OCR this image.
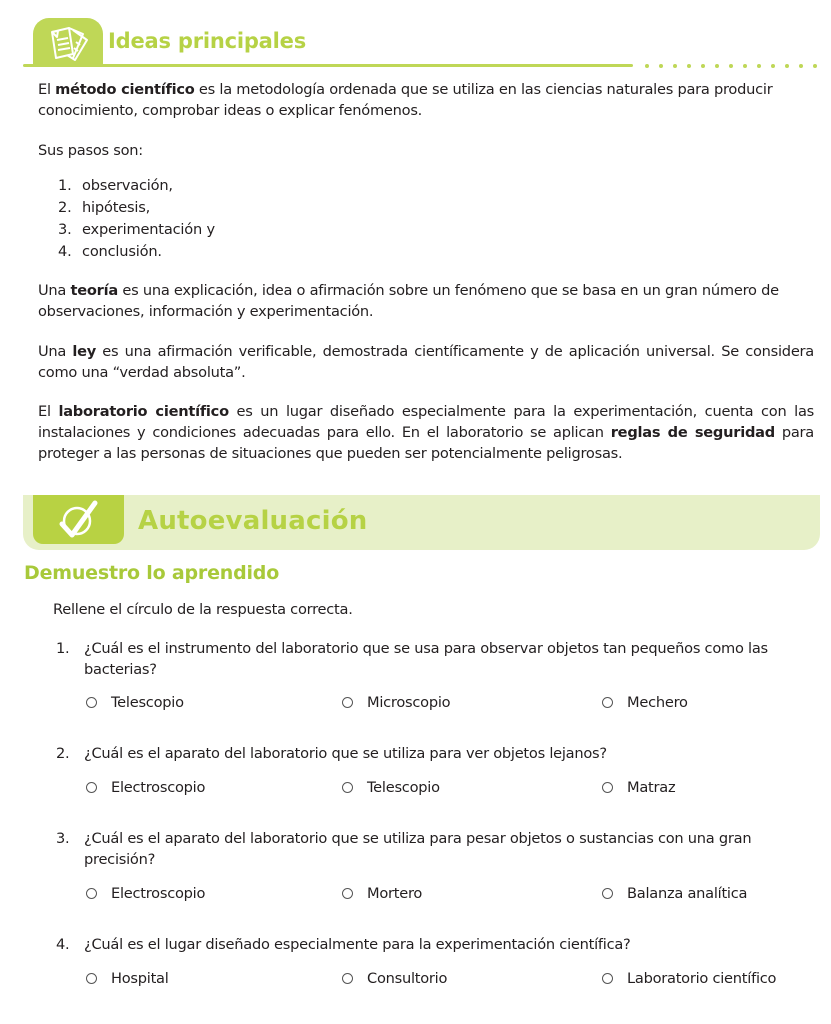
Ideas principales
El método científico es la metodología ordenada que se utiliza en las ciencias naturales para producir conocimiento, comprobar ideas o explicar fenómenos.
Sus pasos son:
1. observación,
2. hipótesis,
3. experimentación y
4. conclusión.
Una teoría es una explicación, idea o afirmación sobre un fenómeno que se basa en un gran número de observaciones, información y experimentación.
Una ley es una afirmación verificable, demostrada científicamente y de aplicación universal. Se considera como una “verdad absoluta”.
El laboratorio científico es un lugar diseñado especialmente para la experimentación, cuenta con las instalaciones y condiciones adecuadas para ello. En el laboratorio se aplican reglas de seguridad para proteger a las personas de situaciones que pueden ser potencialmente peligrosas.
Autoevaluación
Demuestro lo aprendido
Rellene el círculo de la respuesta correcta.
1. ¿Cuál es el instrumento del laboratorio que se usa para observar objetos tan pequeños como las bacterias?
Telescopio	Microscopio	Mechero
2. ¿Cuál es el aparato del laboratorio que se utiliza para ver objetos lejanos?
Electroscopio	Telescopio	Matraz
3. ¿Cuál es el aparato del laboratorio que se utiliza para pesar objetos o sustancias con una gran precisión?
Electroscopio	Mortero	Balanza analítica
4. ¿Cuál es el lugar diseñado especialmente para la experimentación científica?
Hospital	Consultorio	Laboratorio científico
